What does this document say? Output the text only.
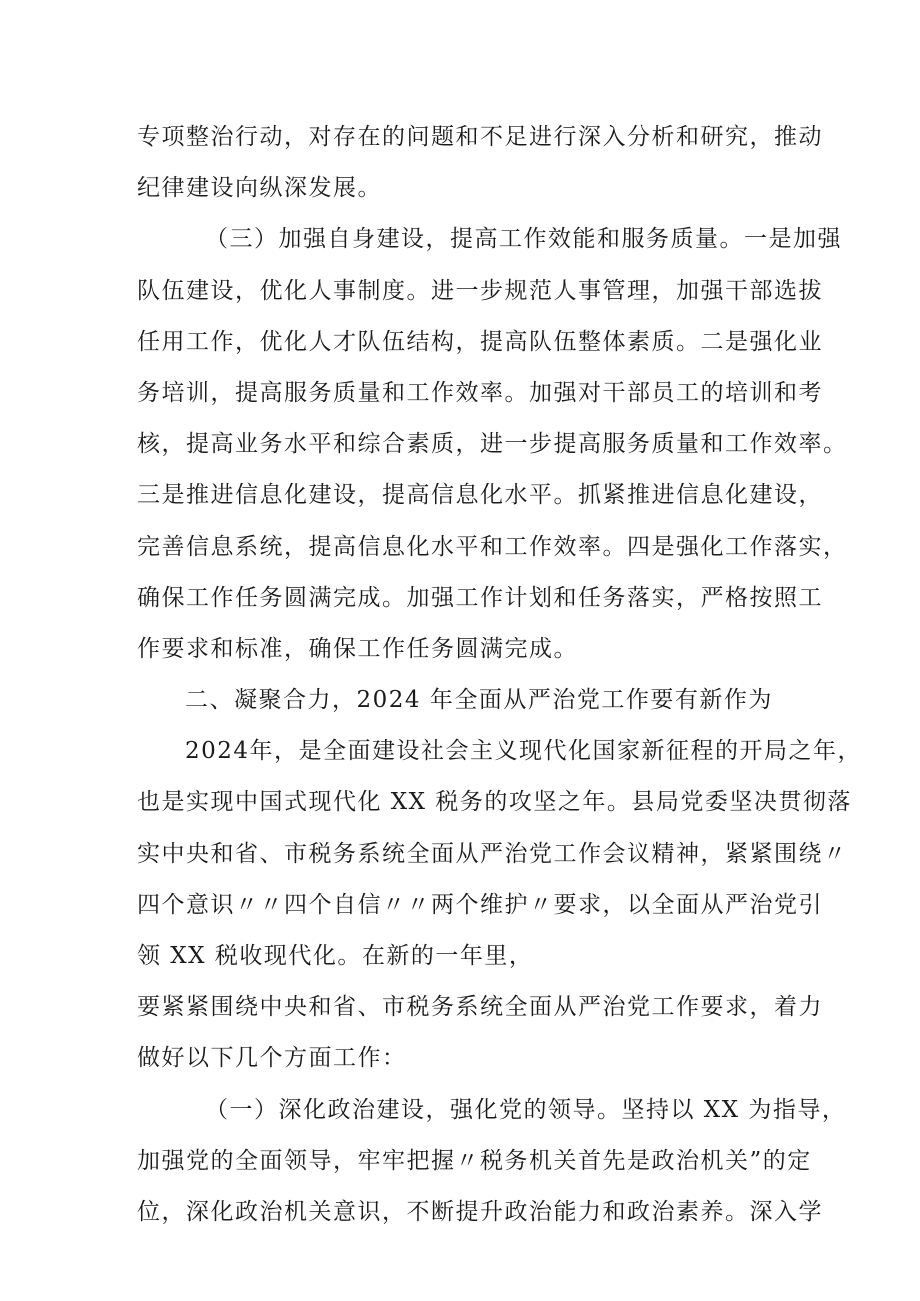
专项整治行动，对存在的问题和不足进行深入分析和研究，推动
纪律建设向纵深发展。
（三）加强自身建设，提高工作效能和服务质量。一是加强
队伍建设，优化人事制度。进一步规范人事管理，加强干部选拔
任用工作，优化人才队伍结构，提高队伍整体素质。二是强化业
务培训，提高服务质量和工作效率。加强对干部员工的培训和考
核，提高业务水平和综合素质，进一步提高服务质量和工作效率。
三是推进信息化建设，提高信息化水平。抓紧推进信息化建设，
完善信息系统，提高信息化水平和工作效率。四是强化工作落实，
确保工作任务圆满完成。加强工作计划和任务落实，严格按照工
作要求和标准，确保工作任务圆满完成。
二、凝聚合力，2024 年全面从严治党工作要有新作为
2024年，是全面建设社会主义现代化国家新征程的开局之年，
也是实现中国式现代化 XX 税务的攻坚之年。县局党委坚决贯彻落
实中央和省、市税务系统全面从严治党工作会议精神，紧紧围绕〃
四个意识〃〃四个自信〃〃两个维护〃要求，以全面从严治党引
领 XX 税收现代化。在新的一年里，
要紧紧围绕中央和省、市税务系统全面从严治党工作要求，着力
做好以下几个方面工作：
（一）深化政治建设，强化党的领导。坚持以 XX 为指导，
加强党的全面领导，牢牢把握〃税务机关首先是政治机关”的定
位，深化政治机关意识，不断提升政治能力和政治素养。深入学
